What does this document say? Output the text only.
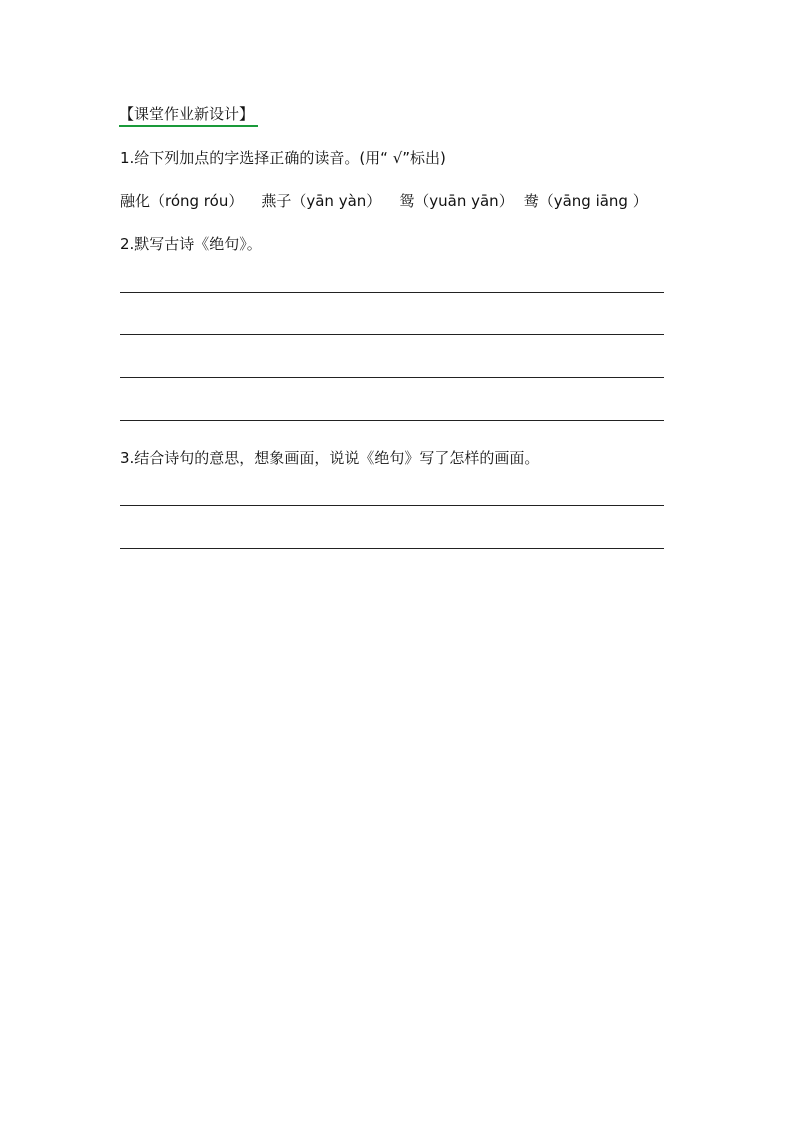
【课堂作业新设计】
1.给下列加点的字选择正确的读音。(用“ √”标出)
融化（róng róu） 燕子（yān yàn） 鸳（yuān yān） 鸯（yāng iāng ）
2.默写古诗《绝句》。
3.结合诗句的意思，想象画面，说说《绝句》写了怎样的画面。
